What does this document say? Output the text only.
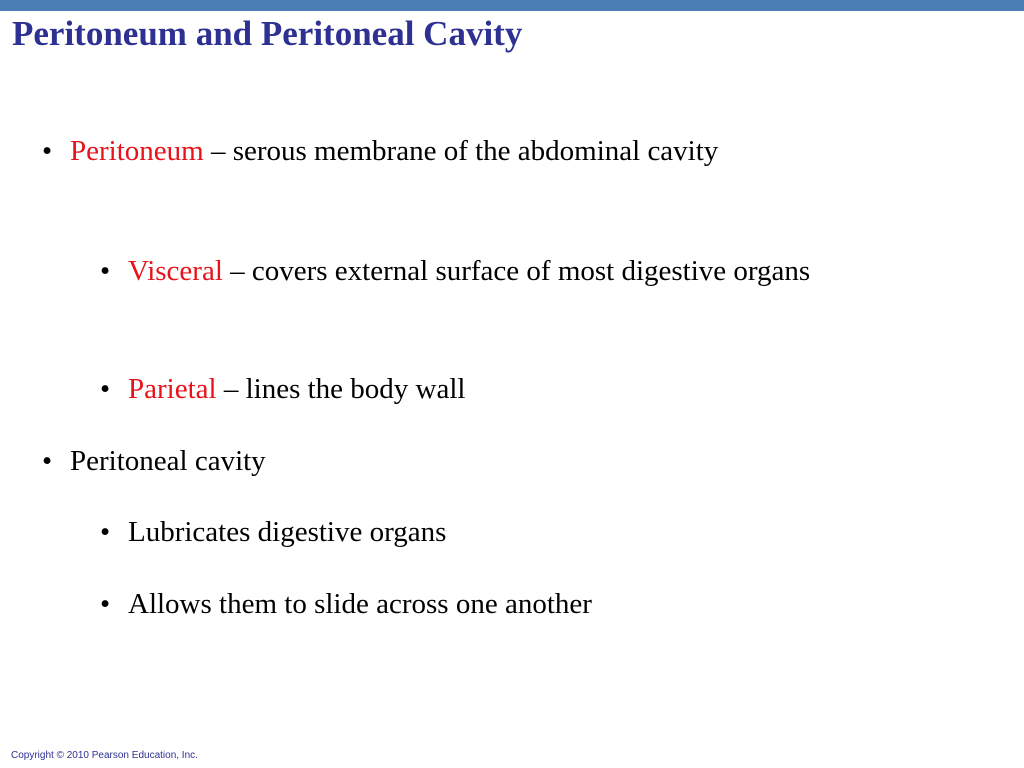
Peritoneum and Peritoneal Cavity
• Peritoneum – serous membrane of the abdominal cavity
• Visceral – covers external surface of most digestive organs
• Parietal – lines the body wall
• Peritoneal cavity
• Lubricates digestive organs
• Allows them to slide across one another
Copyright © 2010 Pearson Education, Inc.
